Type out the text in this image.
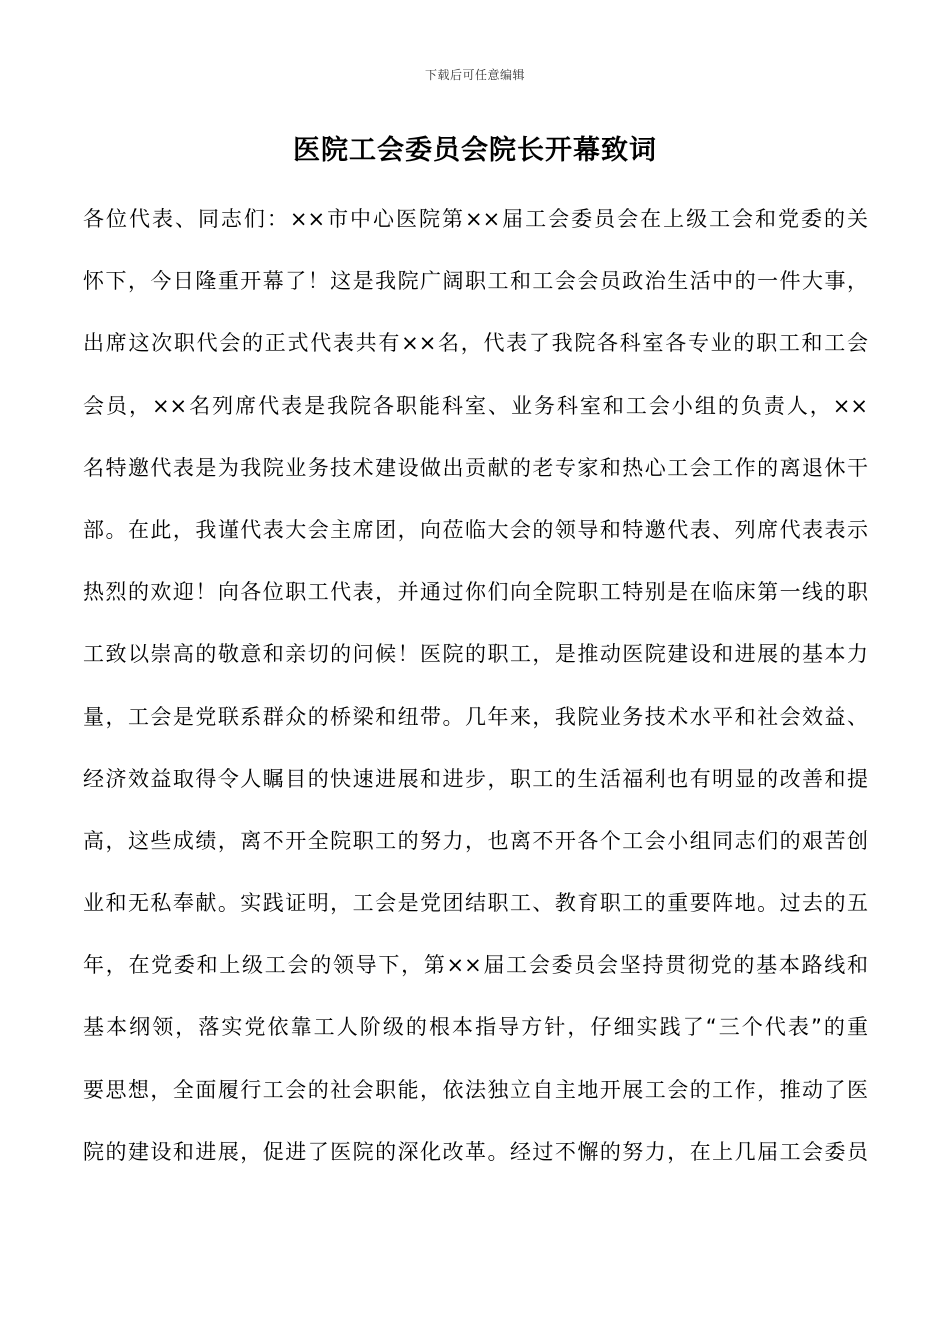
下载后可任意编辑
医院工会委员会院长开幕致词
各位代表、同志们：××市中心医院第××届工会委员会在上级工会和党委的关
怀下，今日隆重开幕了！这是我院广阔职工和工会会员政治生活中的一件大事，
出席这次职代会的正式代表共有××名，代表了我院各科室各专业的职工和工会
会员，××名列席代表是我院各职能科室、业务科室和工会小组的负责人，××
名特邀代表是为我院业务技术建设做出贡献的老专家和热心工会工作的离退休干
部。在此，我谨代表大会主席团，向莅临大会的领导和特邀代表、列席代表表示
热烈的欢迎！向各位职工代表，并通过你们向全院职工特别是在临床第一线的职
工致以崇高的敬意和亲切的问候！医院的职工，是推动医院建设和进展的基本力
量，工会是党联系群众的桥梁和纽带。几年来，我院业务技术水平和社会效益、
经济效益取得令人瞩目的快速进展和进步，职工的生活福利也有明显的改善和提
高，这些成绩，离不开全院职工的努力，也离不开各个工会小组同志们的艰苦创
业和无私奉献。实践证明，工会是党团结职工、教育职工的重要阵地。过去的五
年，在党委和上级工会的领导下，第××届工会委员会坚持贯彻党的基本路线和
基本纲领，落实党依靠工人阶级的根本指导方针，仔细实践了“三个代表”的重
要思想，全面履行工会的社会职能，依法独立自主地开展工会的工作，推动了医
院的建设和进展，促进了医院的深化改革。经过不懈的努力，在上几届工会委员
